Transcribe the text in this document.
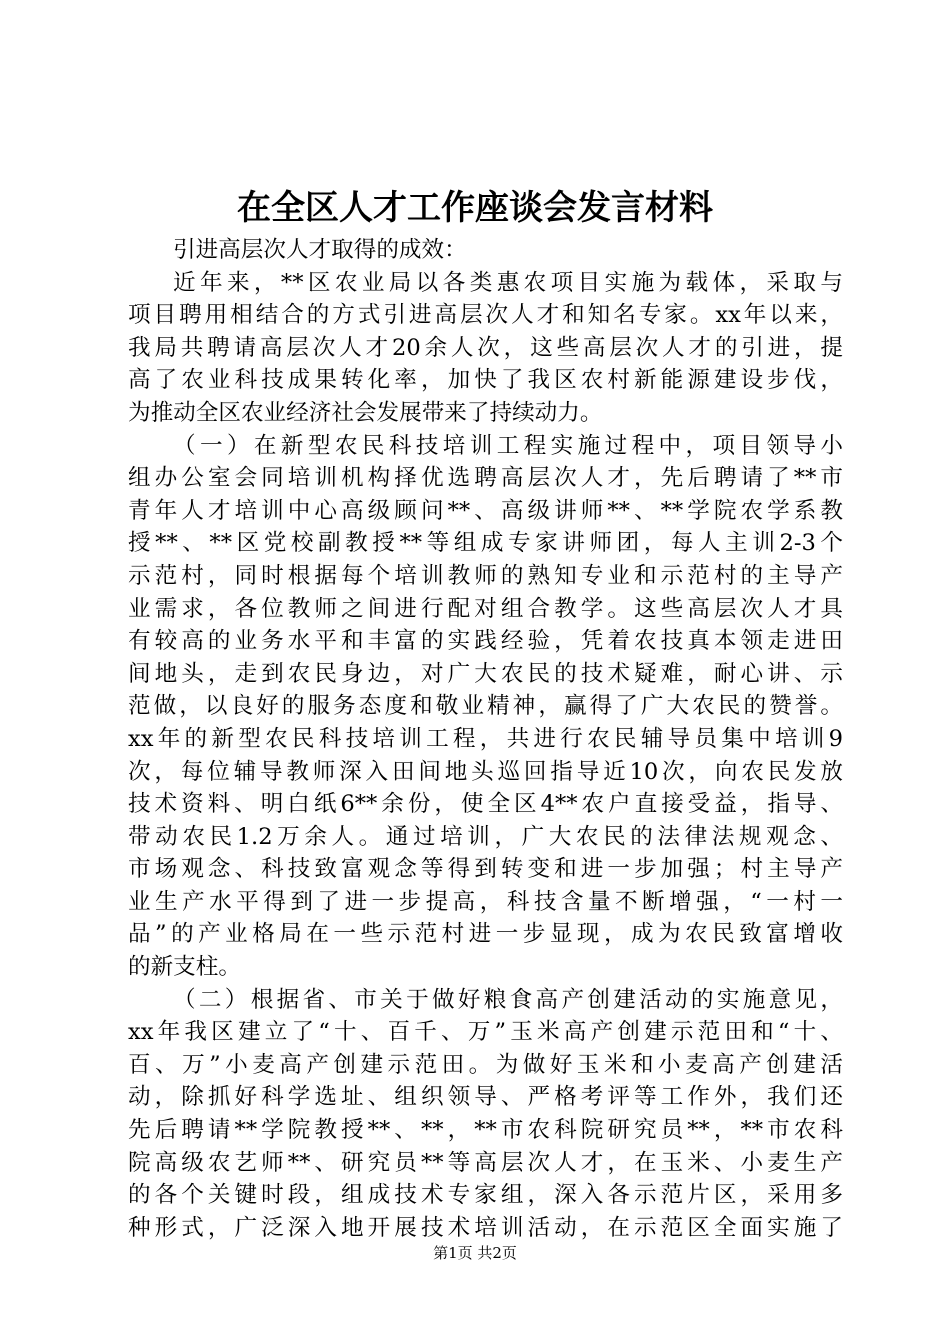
在全区人才工作座谈会发言材料
引进高层次人才取得的成效：
近年来，**区农业局以各类惠农项目实施为载体，采取与
项目聘用相结合的方式引进高层次人才和知名专家。xx年以来，
我局共聘请高层次人才20余人次，这些高层次人才的引进，提
高了农业科技成果转化率，加快了我区农村新能源建设步伐，
为推动全区农业经济社会发展带来了持续动力。
（一）在新型农民科技培训工程实施过程中，项目领导小
组办公室会同培训机构择优选聘高层次人才，先后聘请了**市
青年人才培训中心高级顾问**、高级讲师**、**学院农学系教
授**、**区党校副教授**等组成专家讲师团，每人主训2-3个
示范村，同时根据每个培训教师的熟知专业和示范村的主导产
业需求，各位教师之间进行配对组合教学。这些高层次人才具
有较高的业务水平和丰富的实践经验，凭着农技真本领走进田
间地头，走到农民身边，对广大农民的技术疑难，耐心讲、示
范做，以良好的服务态度和敬业精神，赢得了广大农民的赞誉。
xx年的新型农民科技培训工程，共进行农民辅导员集中培训9
次，每位辅导教师深入田间地头巡回指导近10次，向农民发放
技术资料、明白纸6**余份，使全区4**农户直接受益，指导、
带动农民1.2万余人。通过培训，广大农民的法律法规观念、
市场观念、科技致富观念等得到转变和进一步加强；村主导产
业生产水平得到了进一步提高，科技含量不断增强，“一村一
品”的产业格局在一些示范村进一步显现，成为农民致富增收
的新支柱。
（二）根据省、市关于做好粮食高产创建活动的实施意见，
xx年我区建立了“十、百千、万”玉米高产创建示范田和“十、
百、万”小麦高产创建示范田。为做好玉米和小麦高产创建活
动，除抓好科学选址、组织领导、严格考评等工作外，我们还
先后聘请**学院教授**、**，**市农科院研究员**，**市农科
院高级农艺师**、研究员**等高层次人才，在玉米、小麦生产
的各个关键时段，组成技术专家组，深入各示范片区，采用多
种形式，广泛深入地开展技术培训活动，在示范区全面实施了
第1页 共2页
